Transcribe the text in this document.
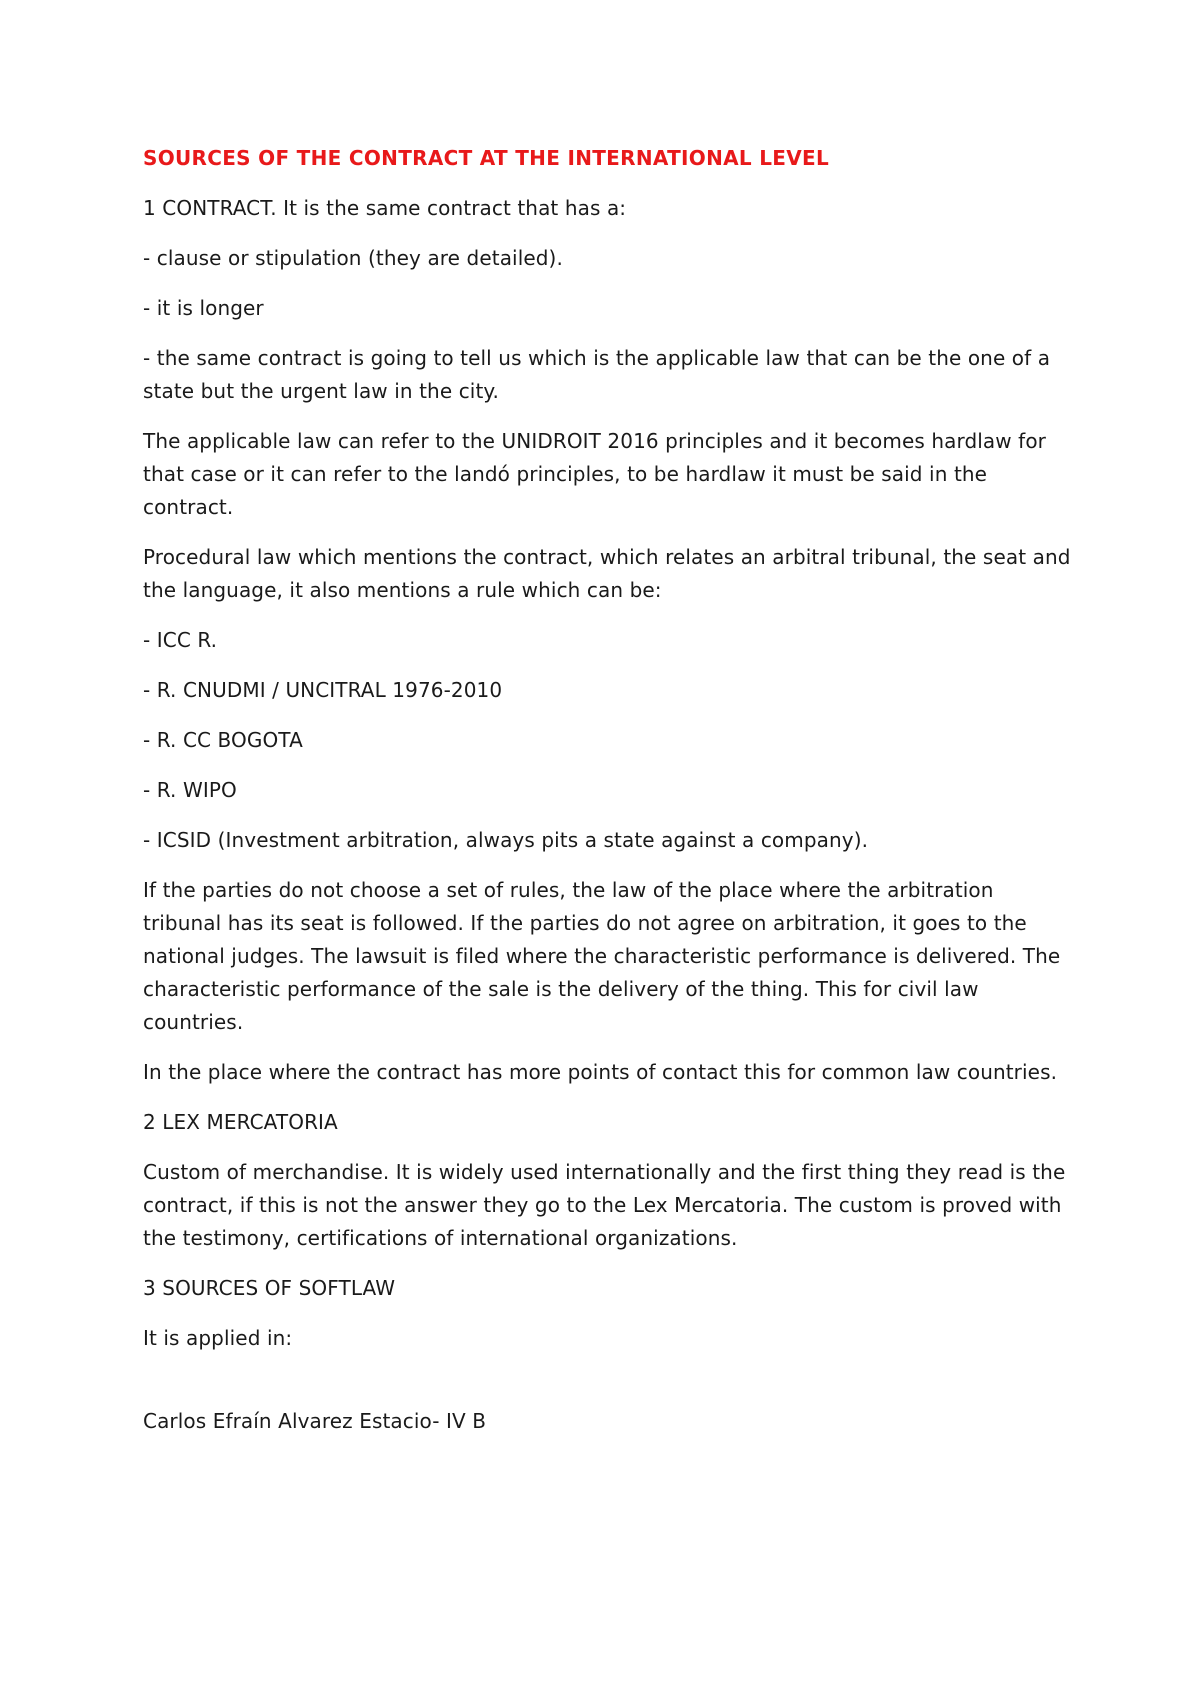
SOURCES OF THE CONTRACT AT THE INTERNATIONAL LEVEL

1 CONTRACT. It is the same contract that has a:

- clause or stipulation (they are detailed).

- it is longer

- the same contract is going to tell us which is the applicable law that can be the one of a state but the urgent law in the city.

The applicable law can refer to the UNIDROIT 2016 principles and it becomes hardlaw for that case or it can refer to the landó principles, to be hardlaw it must be said in the contract.

Procedural law which mentions the contract, which relates an arbitral tribunal, the seat and the language, it also mentions a rule which can be:

- ICC R.

- R. CNUDMI / UNCITRAL 1976-2010

- R. CC BOGOTA

- R. WIPO

- ICSID (Investment arbitration, always pits a state against a company).

If the parties do not choose a set of rules, the law of the place where the arbitration tribunal has its seat is followed. If the parties do not agree on arbitration, it goes to the national judges. The lawsuit is filed where the characteristic performance is delivered. The characteristic performance of the sale is the delivery of the thing. This for civil law countries.

In the place where the contract has more points of contact this for common law countries.

2 LEX MERCATORIA

Custom of merchandise. It is widely used internationally and the first thing they read is the contract, if this is not the answer they go to the Lex Mercatoria. The custom is proved with the testimony, certifications of international organizations.

3 SOURCES OF SOFTLAW

It is applied in:

Carlos Efraín Alvarez Estacio- IV B
